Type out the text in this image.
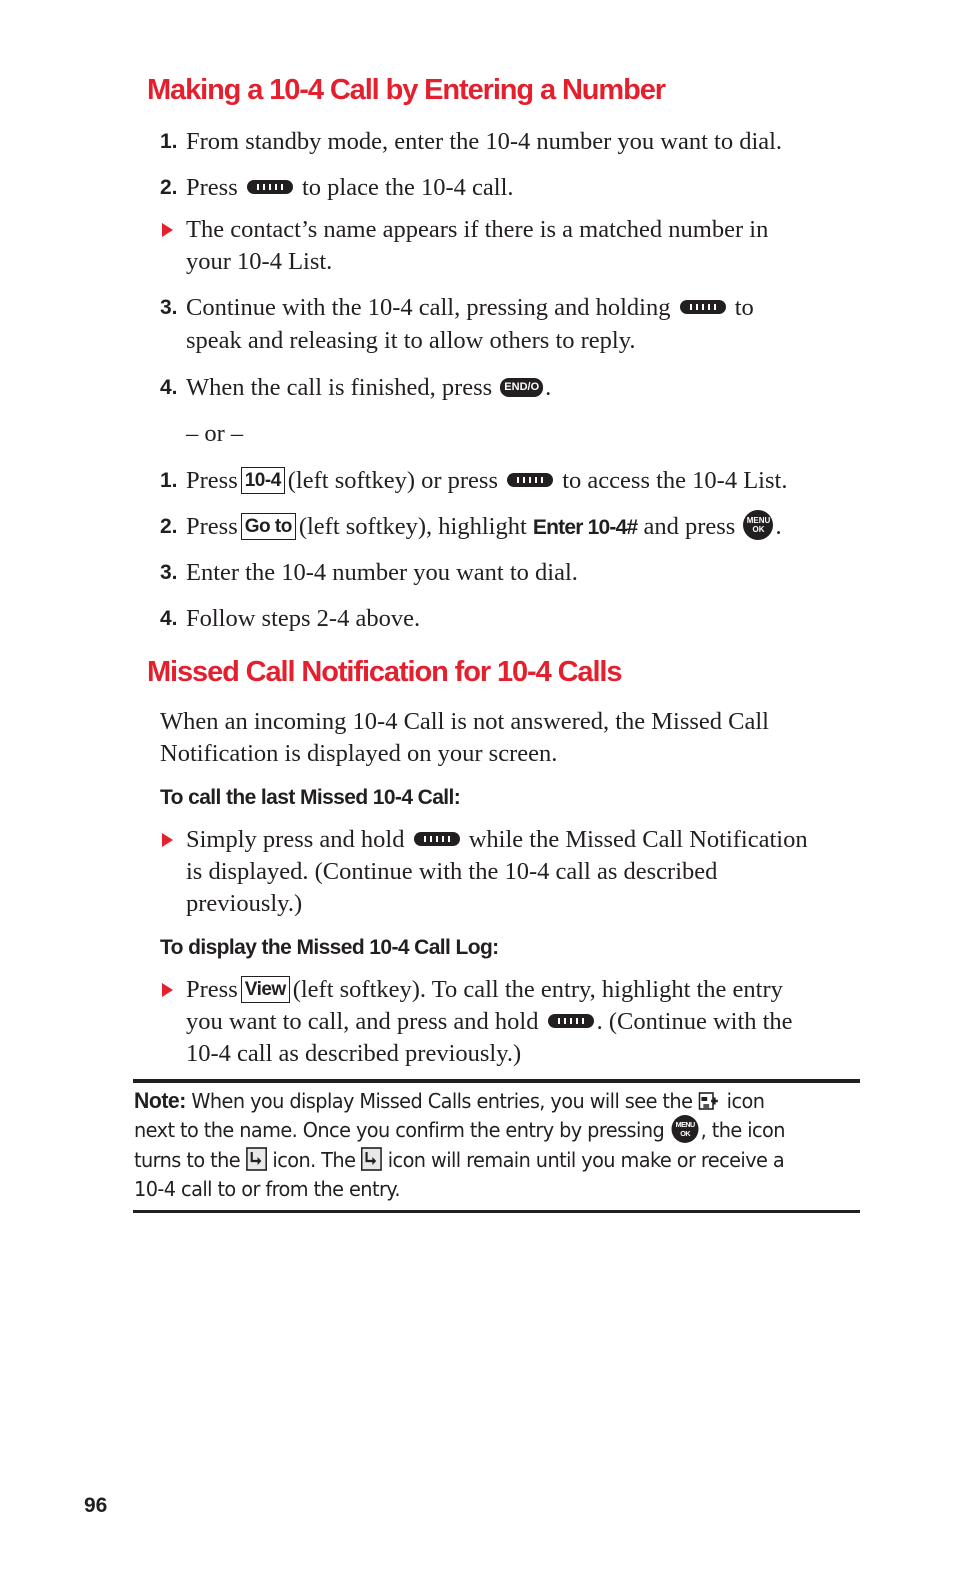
Making a 10-4 Call by Entering a Number
1. From standby mode, enter the 10-4 number you want to dial.
2. Press	to place the 10-4 call.
The contact’s name appears if there is a matched number in
your 10-4 List.
3. Continue with the 10-4 call, pressing and holding	to
speak and releasing it to allow others to reply.
4. When the call is finished, press END/O .
– or –
1. Press 10-4 (left softkey) or press	to access the 10-4 List.
2. Press Go to (left softkey), highlight Enter 10-4# and press MENU
OK .
3. Enter the 10-4 number you want to dial.
4. Follow steps 2-4 above.
Missed Call Notification for 10-4 Calls
When an incoming 10-4 Call is not answered, the Missed Call
Notification is displayed on your screen.
To call the last Missed 10-4 Call:
Simply press and hold	while the Missed Call Notification
is displayed. (Continue with the 10-4 call as described
previously.)
To display the Missed 10-4 Call Log:
Press View (left softkey). To call the entry, highlight the entry
you want to call, and press and hold . (Continue with the
10-4 call as described previously.)
Note: When you display Missed Calls entries, you will see the icon
next to the name. Once you confirm the entry by pressing MENU
OK , the icon
turns to the icon. The icon will remain until you make or receive a
10-4 call to or from the entry.
96
